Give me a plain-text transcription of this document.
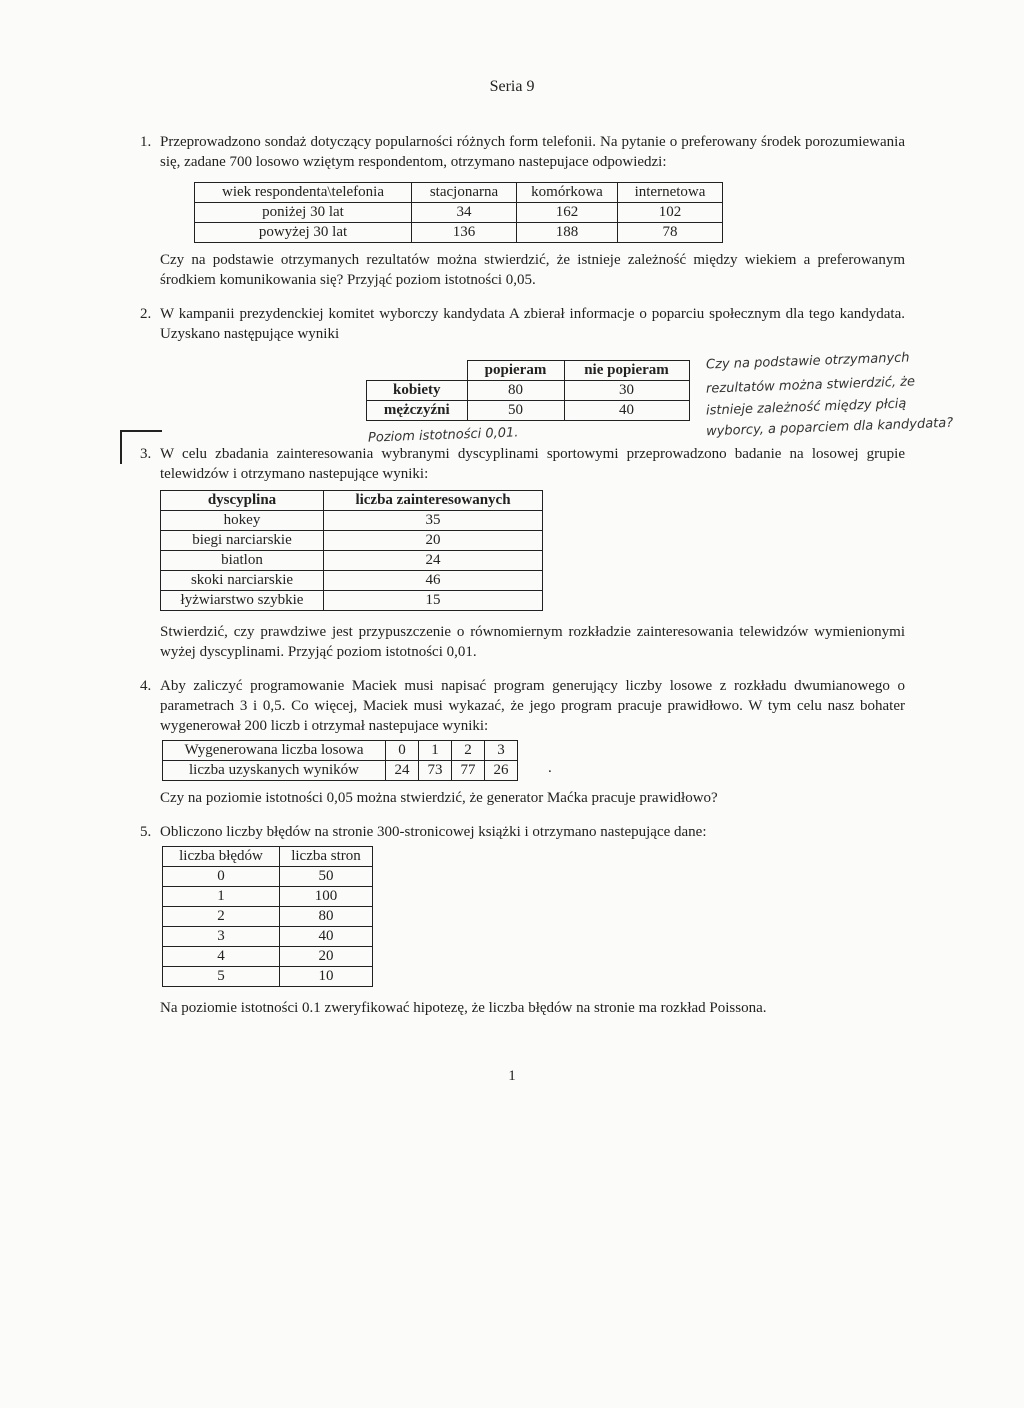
Seria 9
1. Przeprowadzono sondaż dotyczący popularności różnych form telefonii. Na pytanie o preferowany środek porozumiewania się, zadane 700 losowo wziętym respondentom, otrzymano nastepujace odpowiedzi:

wiek respondenta\telefonia	stacjonarna	komórkowa	internetowa
poniżej 30 lat	34	162	102
powyżej 30 lat	136	188	78

Czy na podstawie otrzymanych rezultatów można stwierdzić, że istnieje zależność między wiekiem a preferowanym środkiem komunikowania się? Przyjąć poziom istotności 0,05.

2. W kampanii prezydenckiej komitet wyborczy kandydata A zbierał informacje o poparciu społecznym dla tego kandydata. Uzyskano następujące wyniki

	popieram	nie popieram
kobiety	80	30
mężczyźni	50	40
Czy na podstawie otrzymanych
rezultatów można stwierdzić, że
istnieje zależność między płcią
wyborcy, a poparciem dla kandydata?
Poziom istotności 0,01.
3. W celu zbadania zainteresowania wybranymi dyscyplinami sportowymi przeprowadzono badanie na losowej grupie telewidzów i otrzymano nastepujące wyniki:

dyscyplina	liczba zainteresowanych
hokey	35
biegi narciarskie	20
biatlon	24
skoki narciarskie	46
łyżwiarstwo szybkie	15

Stwierdzić, czy prawdziwe jest przypuszczenie o równomiernym rozkładzie zainteresowania telewidzów wymienionymi wyżej dyscyplinami. Przyjąć poziom istotności 0,01.

4. Aby zaliczyć programowanie Maciek musi napisać program generujący liczby losowe z rozkładu dwumianowego o parametrach 3 i 0,5. Co więcej, Maciek musi wykazać, że jego program pracuje prawidłowo. W tym celu nasz bohater wygenerował 200 liczb i otrzymał nastepujace wyniki:

Wygenerowana liczba losowa	0	1	2	3
liczba uzyskanych wyników	24	73	77	26	.

Czy na poziomie istotności 0,05 można stwierdzić, że generator Maćka pracuje prawidłowo?

5. Obliczono liczby błędów na stronie 300-stronicowej książki i otrzymano nastepujące dane:

liczba błędów	liczba stron
0	50
1	100
2	80
3	40
4	20
5	10

Na poziomie istotności 0.1 zweryfikować hipotezę, że liczba błędów na stronie ma rozkład Poissona.

1
